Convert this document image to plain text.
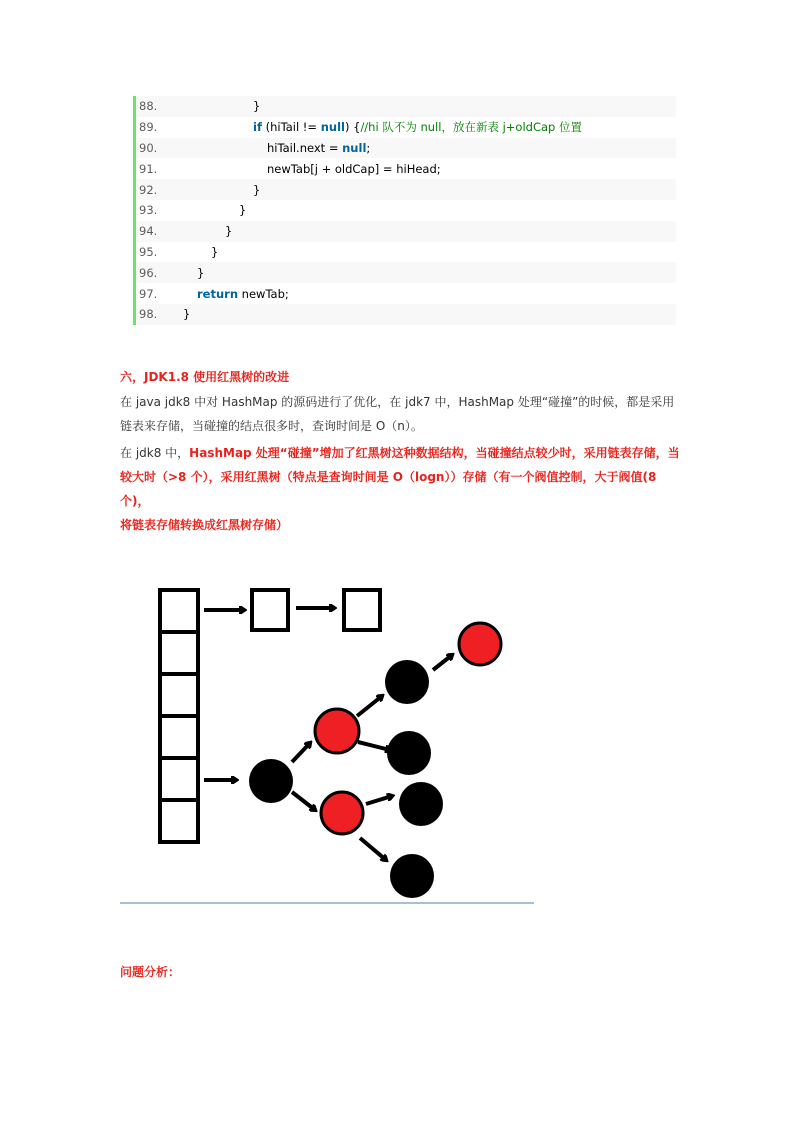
88.	}
89.	if (hiTail != null) {//hi 队不为 null，放在新表 j+oldCap 位置
90.	hiTail.next = null;
91.	newTab[j + oldCap] = hiHead;
92.	}
93.	}
94.	}
95.	}
96.	}
97.	return newTab;
98.	}
六，JDK1.8 使用红黑树的改进
在 java jdk8 中对 HashMap 的源码进行了优化，在 jdk7 中，HashMap 处理“碰撞”的时候，都是采用
链表来存储，当碰撞的结点很多时，查询时间是 O（n）。
在 jdk8 中，HashMap 处理“碰撞”增加了红黑树这种数据结构，当碰撞结点较少时，采用链表存储，当
较大时（>8 个），采用红黑树（特点是查询时间是 O（logn））存储（有一个阀值控制，大于阀值(8 个)，
将链表存储转换成红黑树存储）
问题分析：
